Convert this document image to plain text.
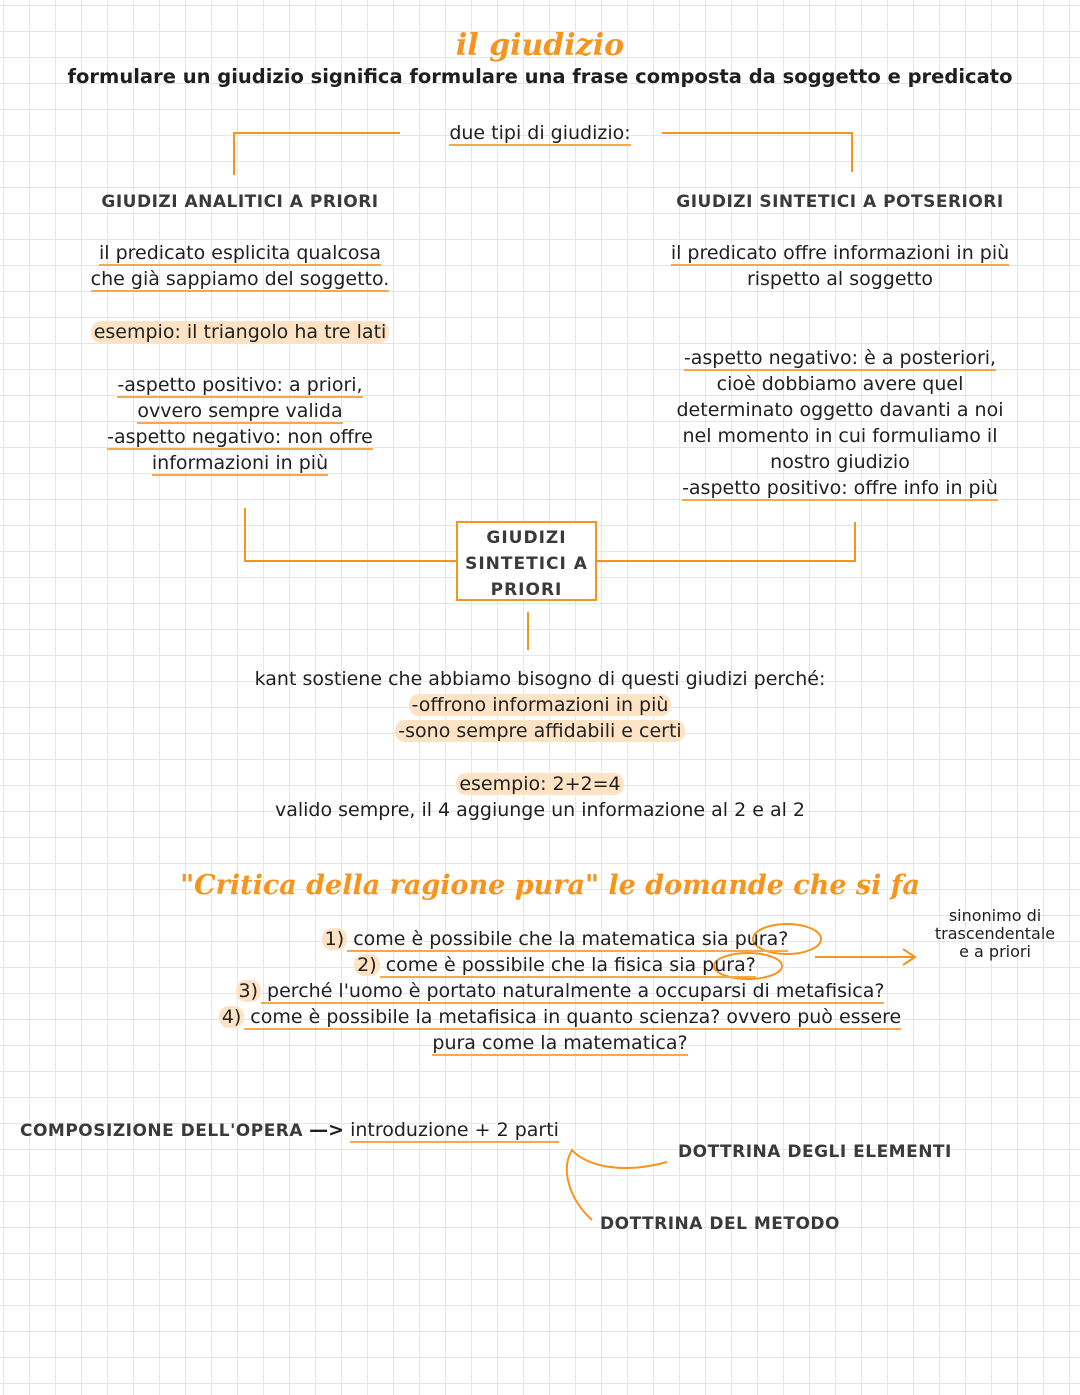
il giudizio
formulare un giudizio significa formulare una frase composta da soggetto e predicato
due tipi di giudizio:
GIUDIZI ANALITICI A PRIORI
il predicato esplicita qualcosa
che già sappiamo del soggetto.
esempio: il triangolo ha tre lati
-aspetto positivo: a priori,
ovvero sempre valida
-aspetto negativo: non offre
informazioni in più
GIUDIZI SINTETICI A POTSERIORI
il predicato offre informazioni in più
rispetto al soggetto
-aspetto negativo: è a posteriori,
cioè dobbiamo avere quel
determinato oggetto davanti a noi
nel momento in cui formuliamo il
nostro giudizio
-aspetto positivo: offre info in più
GIUDIZI
SINTETICI A
PRIORI
kant sostiene che abbiamo bisogno di questi giudizi perché:
-offrono informazioni in più
-sono sempre affidabili e certi
esempio: 2+2=4
valido sempre, il 4 aggiunge un informazione al 2 e al 2
"Critica della ragione pura" le domande che si fa
1) come è possibile che la matematica sia pura?
2) come è possibile che la fisica sia pura?
3) perché l'uomo è portato naturalmente a occuparsi di metafisica?
4) come è possibile la metafisica in quanto scienza? ovvero può essere
pura come la matematica?
sinonimo di
trascendentale
e a priori
COMPOSIZIONE DELL'OPERA —> introduzione + 2 parti
DOTTRINA DEGLI ELEMENTI
DOTTRINA DEL METODO
